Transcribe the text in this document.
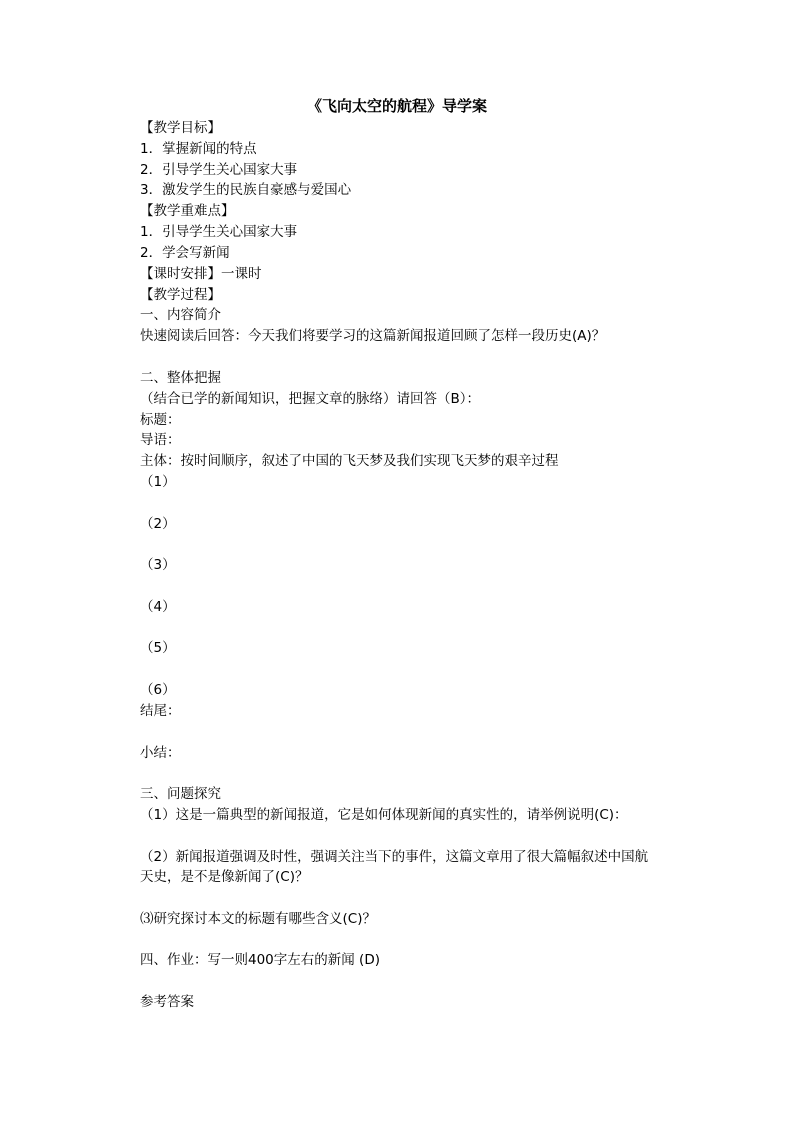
《飞向太空的航程》导学案
【教学目标】
1．掌握新闻的特点
2．引导学生关心国家大事
3．激发学生的民族自豪感与爱国心
【教学重难点】
1．引导学生关心国家大事
2．学会写新闻
【课时安排】一课时
【教学过程】
一、内容简介
快速阅读后回答：今天我们将要学习的这篇新闻报道回顾了怎样一段历史(A)？
二、整体把握
（结合已学的新闻知识，把握文章的脉络）请回答（B）：
标题：
导语：
主体：按时间顺序，叙述了中国的飞天梦及我们实现飞天梦的艰辛过程
（1）
（2）
（3）
（4）
（5）
（6）
结尾：
小结：
三、问题探究
（1）这是一篇典型的新闻报道，它是如何体现新闻的真实性的，请举例说明(C)：
（2）新闻报道强调及时性，强调关注当下的事件，这篇文章用了很大篇幅叙述中国航天史，是不是像新闻了(C)？
⑶研究探讨本文的标题有哪些含义(C)？
四、作业：写一则400字左右的新闻 (D)
参考答案
